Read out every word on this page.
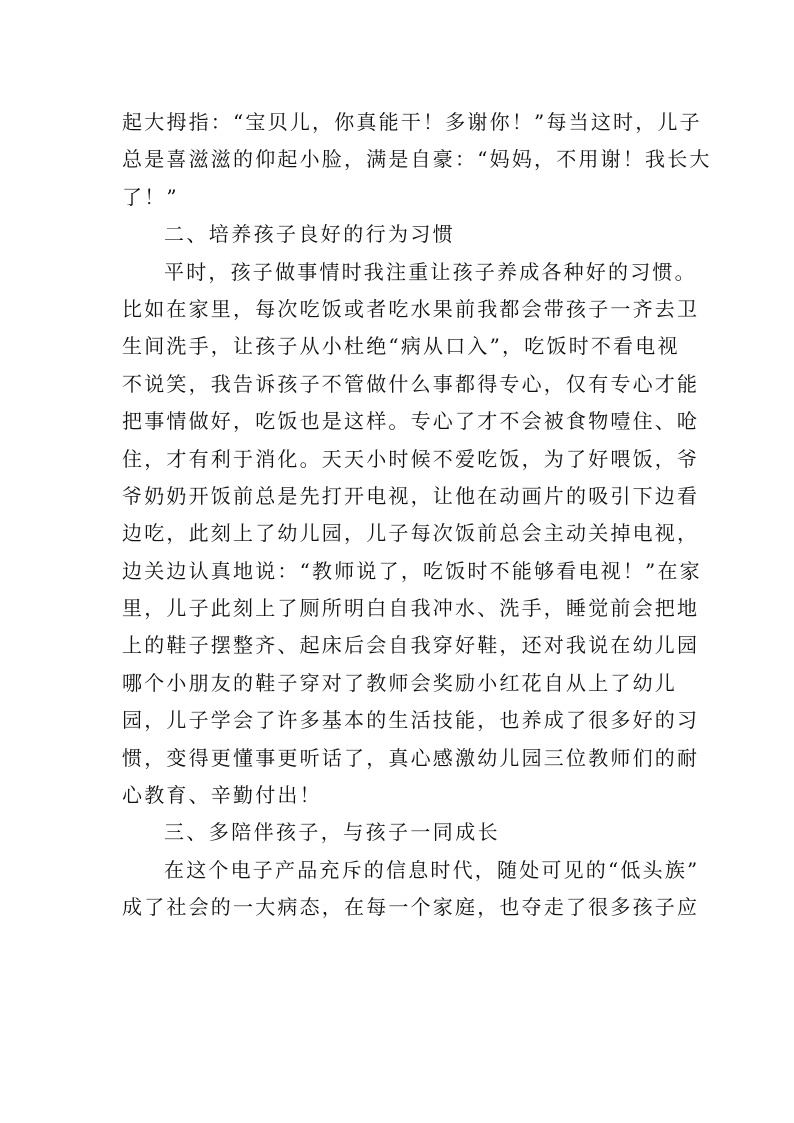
起大拇指：“宝贝儿，你真能干！多谢你！”每当这时，儿子
总是喜滋滋的仰起小脸，满是自豪：“妈妈，不用谢！我长大
了！”
二、培养孩子良好的行为习惯
平时，孩子做事情时我注重让孩子养成各种好的习惯。
比如在家里，每次吃饭或者吃水果前我都会带孩子一齐去卫
生间洗手，让孩子从小杜绝“病从口入”，吃饭时不看电视
不说笑，我告诉孩子不管做什么事都得专心，仅有专心才能
把事情做好，吃饭也是这样。专心了才不会被食物噎住、呛
住，才有利于消化。天天小时候不爱吃饭，为了好喂饭，爷
爷奶奶开饭前总是先打开电视，让他在动画片的吸引下边看
边吃，此刻上了幼儿园，儿子每次饭前总会主动关掉电视，
边关边认真地说：“教师说了，吃饭时不能够看电视！”在家
里，儿子此刻上了厕所明白自我冲水、洗手，睡觉前会把地
上的鞋子摆整齐、起床后会自我穿好鞋，还对我说在幼儿园
哪个小朋友的鞋子穿对了教师会奖励小红花自从上了幼儿
园，儿子学会了许多基本的生活技能，也养成了很多好的习
惯，变得更懂事更听话了，真心感激幼儿园三位教师们的耐
心教育、辛勤付出！
三、多陪伴孩子，与孩子一同成长
在这个电子产品充斥的信息时代，随处可见的“低头族”
成了社会的一大病态，在每一个家庭，也夺走了很多孩子应
